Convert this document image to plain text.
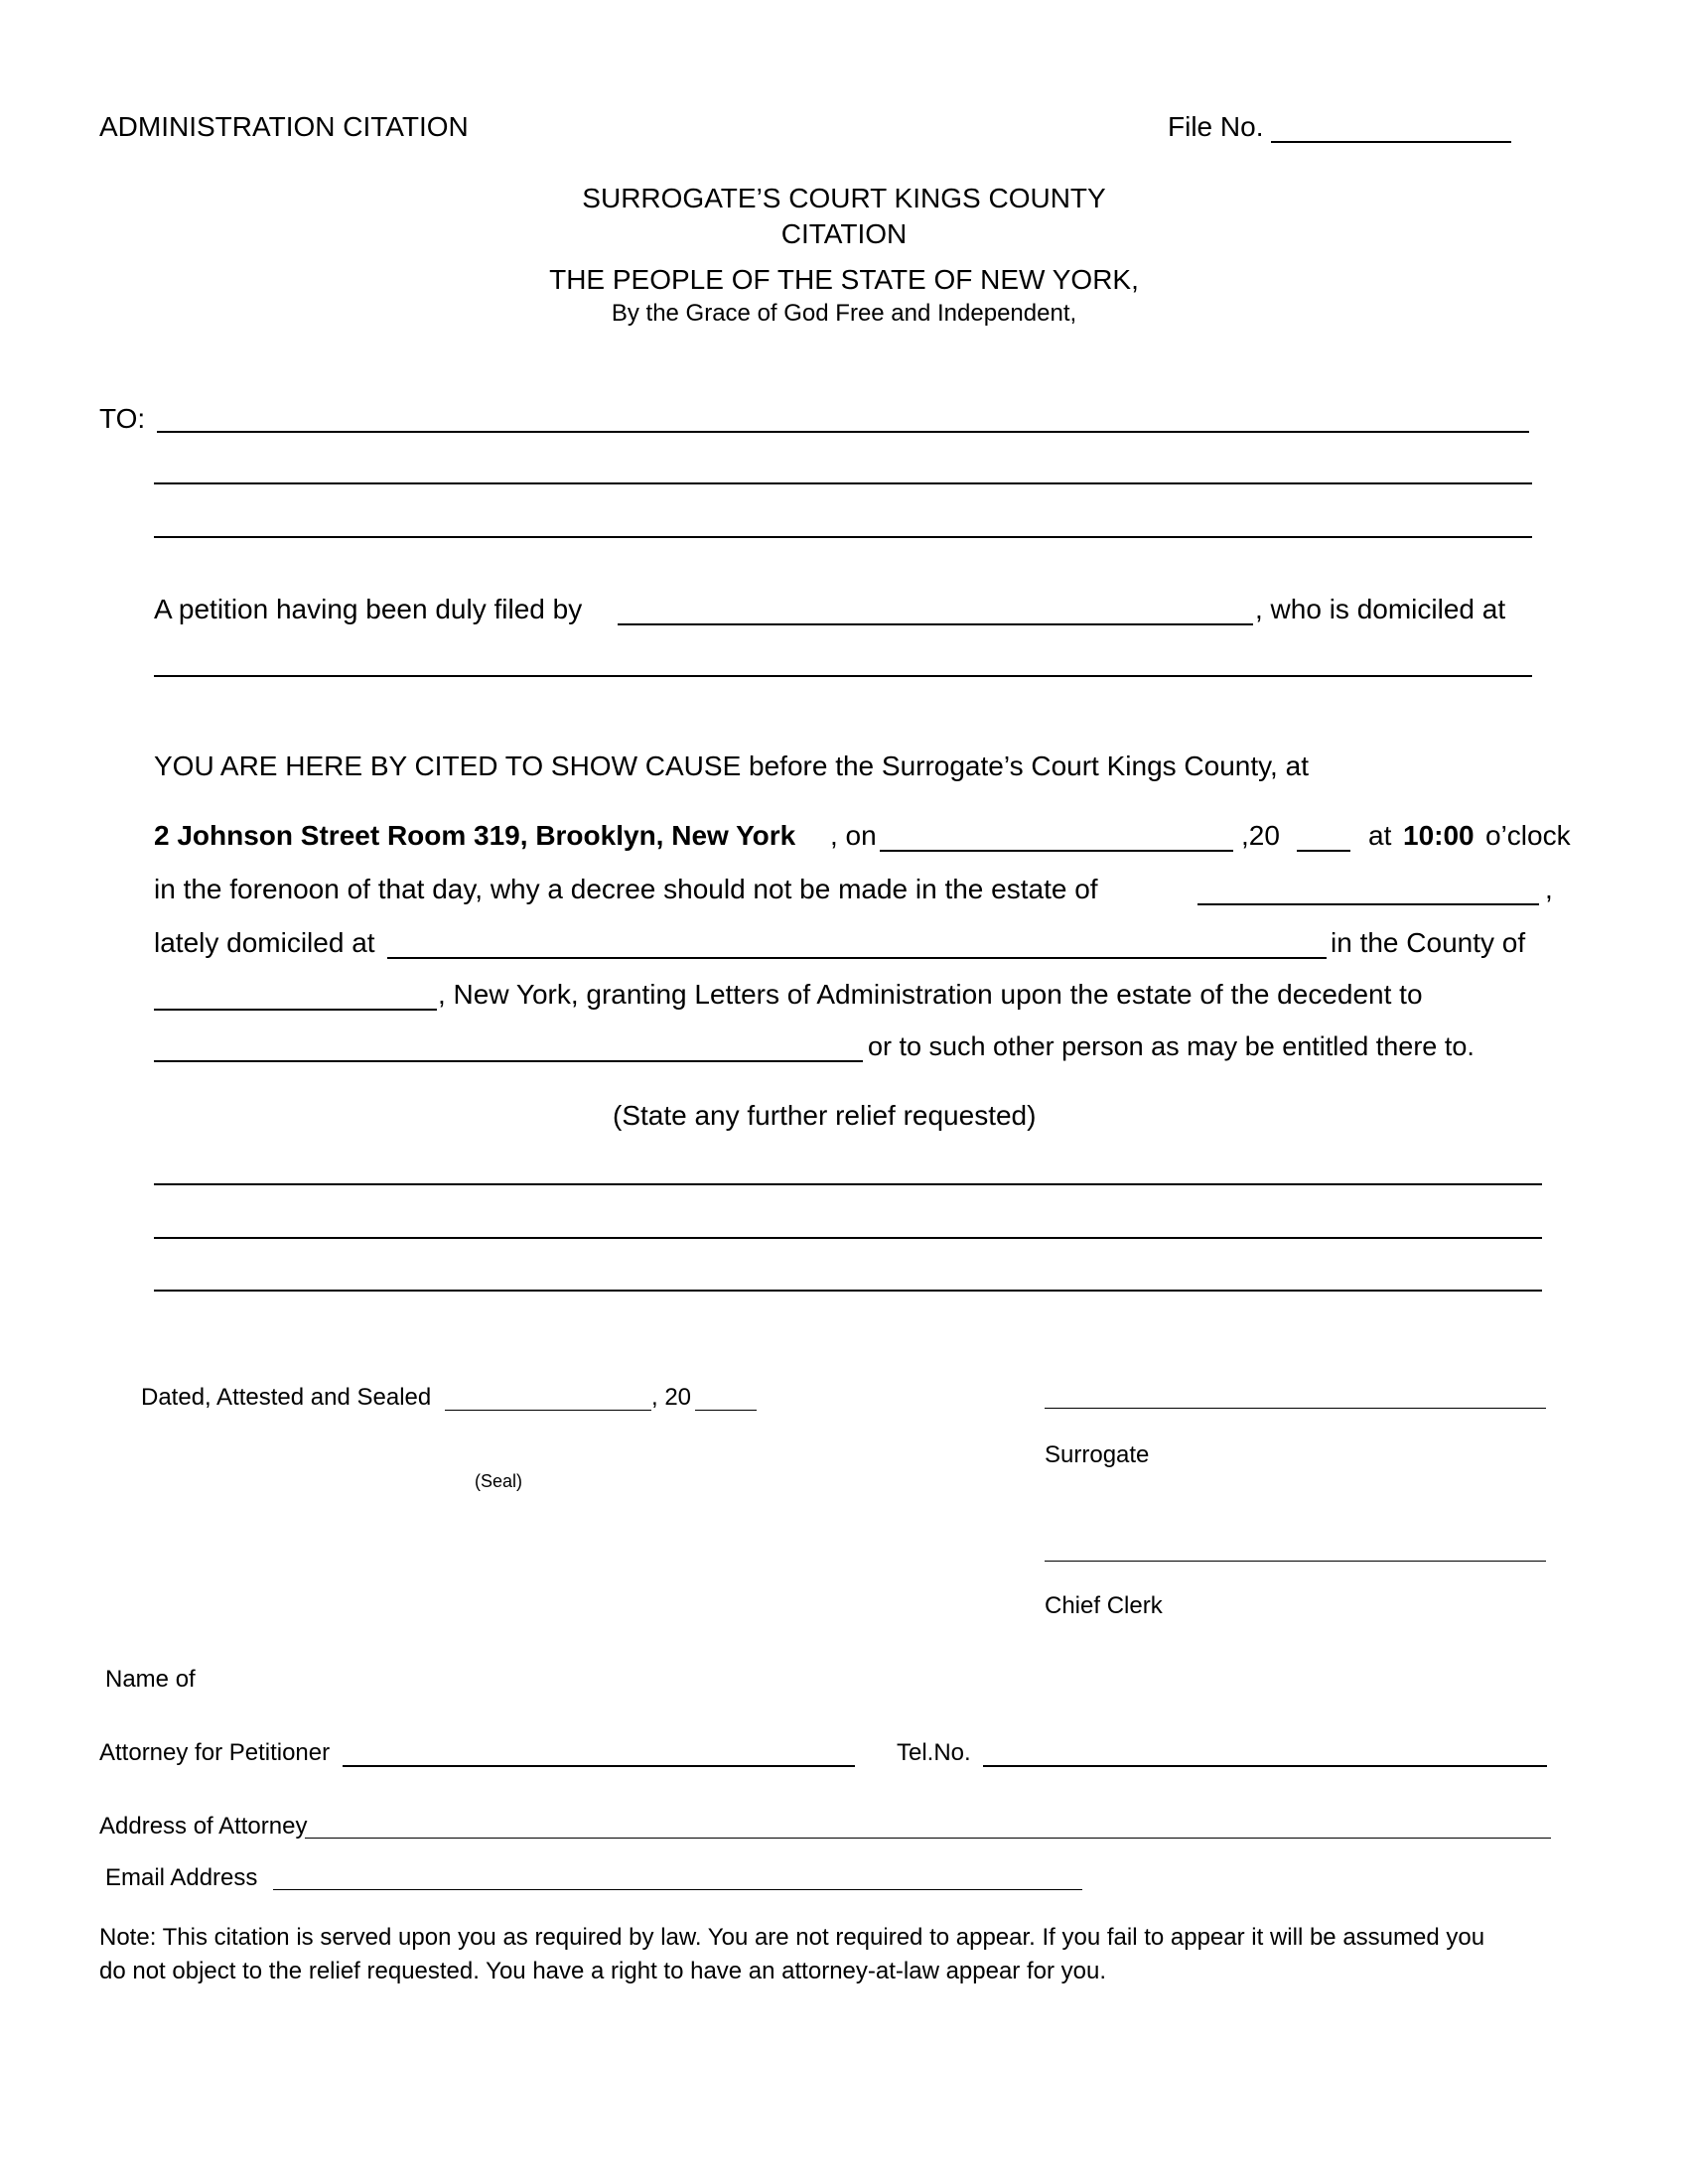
ADMINISTRATION CITATION	File No.
SURROGATE’S COURT KINGS COUNTY
CITATION
THE PEOPLE OF THE STATE OF NEW YORK,
By the Grace of God Free and Independent,
TO:
A petition having been duly filed by	, who is domiciled at
YOU ARE HERE BY CITED TO SHOW CAUSE before the Surrogate’s Court Kings County, at
2 Johnson Street Room 319, Brooklyn, New York , on	,20	at 10:00 o’clock
in the forenoon of that day, why a decree should not be made in the estate of	,
lately domiciled at	in the County of
, New York, granting Letters of Administration upon the estate of the decedent to
or to such other person as may be entitled there to.
(State any further relief requested)
Dated, Attested and Sealed	, 20
(Seal)
Surrogate
Chief Clerk
Name of
Attorney for Petitioner	Tel.No.
Address of Attorney
Email Address
Note: This citation is served upon you as required by law. You are not required to appear. If you fail to appear it will be assumed you
do not object to the relief requested. You have a right to have an attorney-at-law appear for you.
